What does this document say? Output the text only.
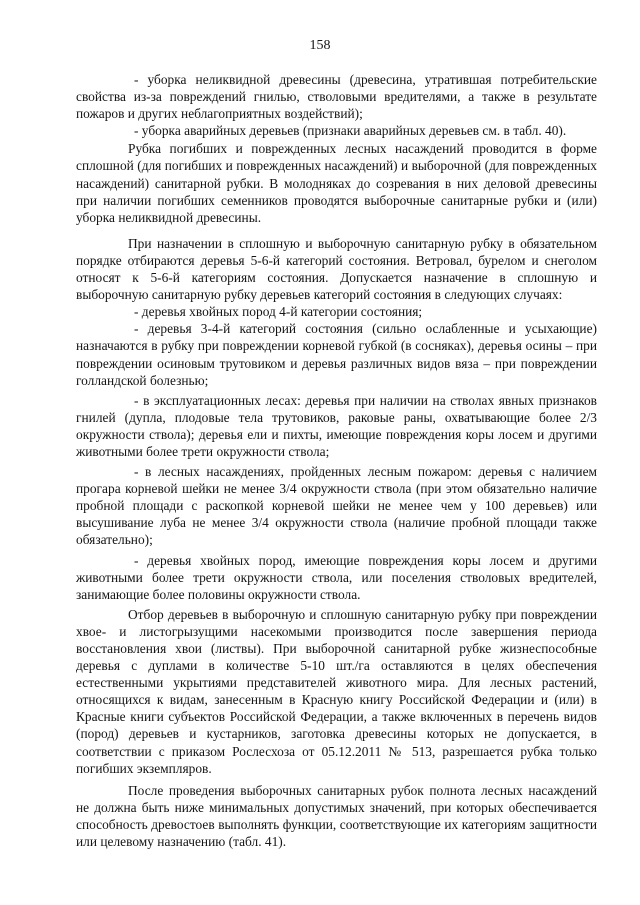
158

- уборка неликвидной древесины (древесина, утратившая потребительские свойства из-за повреждений гнилью, стволовыми вредителями, а также в результате пожаров и других неблагоприятных воздействий);

- уборка аварийных деревьев (признаки аварийных деревьев см. в табл. 40).

Рубка погибших и поврежденных лесных насаждений проводится в форме сплошной (для погибших и поврежденных насаждений) и выборочной (для поврежденных насаждений) санитарной рубки. В молодняках до созревания в них деловой древесины при наличии погибших семенников проводятся выборочные санитарные рубки и (или) уборка неликвидной древесины.

При назначении в сплошную и выборочную санитарную рубку в обязательном порядке отбираются деревья 5-6-й категорий состояния. Ветровал, бурелом и снеголом относят к 5-6-й категориям состояния. Допускается назначение в сплошную и выборочную санитарную рубку деревьев категорий состояния в следующих случаях:

- деревья хвойных пород 4-й категории состояния;

- деревья 3-4-й категорий состояния (сильно ослабленные и усыхающие) назначаются в рубку при повреждении корневой губкой (в сосняках), деревья осины – при повреждении осиновым трутовиком и деревья различных видов вяза – при повреждении голландской болезнью;

- в эксплуатационных лесах: деревья при наличии на стволах явных признаков гнилей (дупла, плодовые тела трутовиков, раковые раны, охватывающие более 2/3 окружности ствола); деревья ели и пихты, имеющие повреждения коры лосем и другими животными более трети окружности ствола;

- в лесных насаждениях, пройденных лесным пожаром: деревья с наличием прогара корневой шейки не менее 3/4 окружности ствола (при этом обязательно наличие пробной площади с раскопкой корневой шейки не менее чем у 100 деревьев) или высушивание луба не менее 3/4 окружности ствола (наличие пробной площади также обязательно);

- деревья хвойных пород, имеющие повреждения коры лосем и другими животными более трети окружности ствола, или поселения стволовых вредителей, занимающие более половины окружности ствола.

Отбор деревьев в выборочную и сплошную санитарную рубку при повреждении хвое- и листогрызущими насекомыми производится после завершения периода восстановления хвои (листвы). При выборочной санитарной рубке жизнеспособные деревья с дуплами в количестве 5-10 шт./га оставляются в целях обеспечения естественными укрытиями представителей животного мира. Для лесных растений, относящихся к видам, занесенным в Красную книгу Российской Федерации и (или) в Красные книги субъектов Российской Федерации, а также включенных в перечень видов (пород) деревьев и кустарников, заготовка древесины которых не допускается, в соответствии с приказом Рослесхоза от 05.12.2011 № 513, разрешается рубка только погибших экземпляров.

После проведения выборочных санитарных рубок полнота лесных насаждений не должна быть ниже минимальных допустимых значений, при которых обеспечивается способность древостоев выполнять функции, соответствующие их категориям защитности или целевому назначению (табл. 41).
